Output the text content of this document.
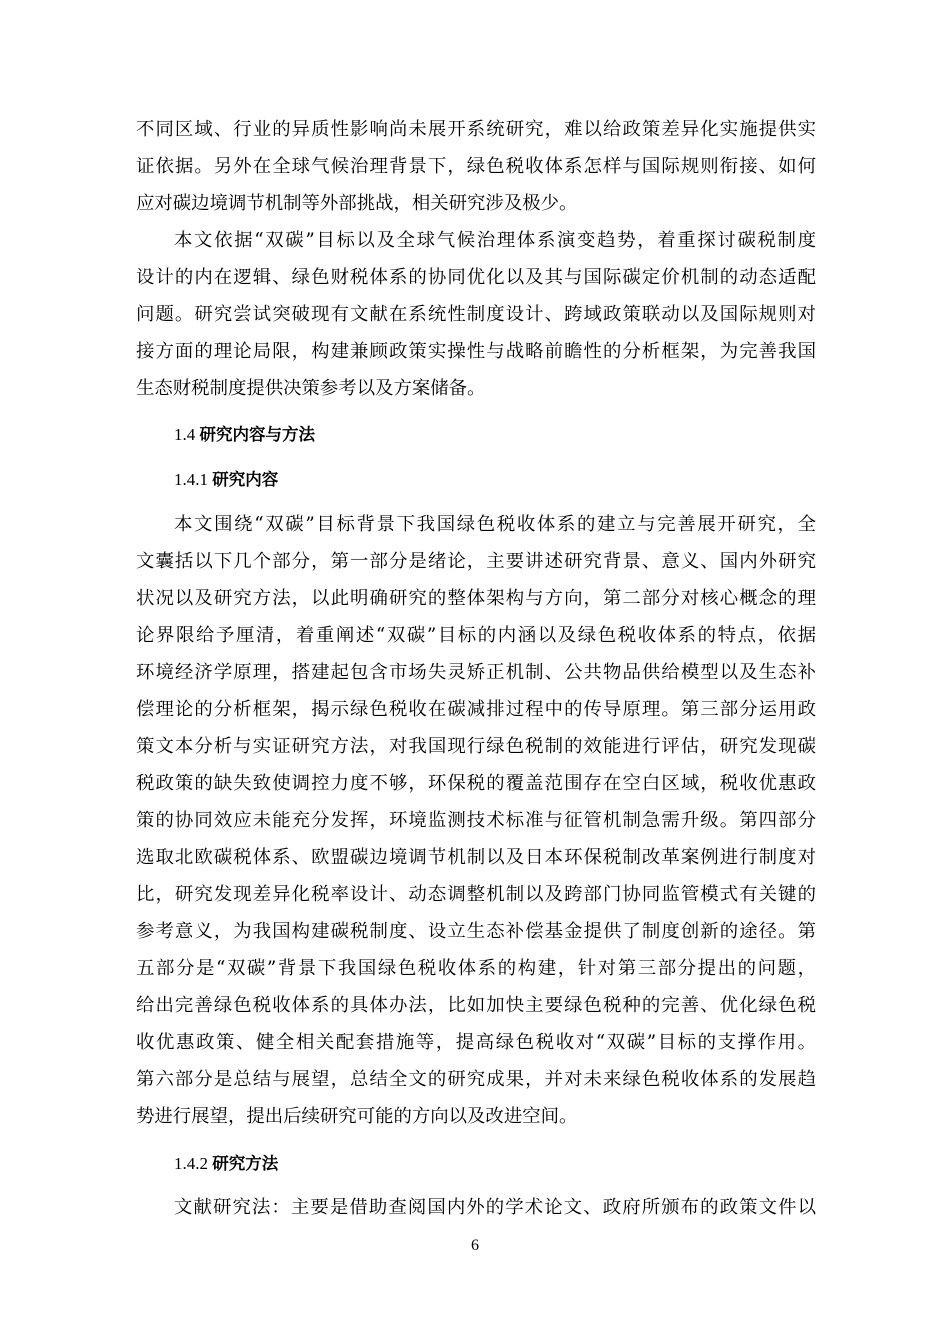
不同区域、行业的异质性影响尚未展开系统研究，难以给政策差异化实施提供实
证依据。另外在全球气候治理背景下，绿色税收体系怎样与国际规则衔接、如何
应对碳边境调节机制等外部挑战，相关研究涉及极少。
本文依据“双碳”目标以及全球气候治理体系演变趋势，着重探讨碳税制度
设计的内在逻辑、绿色财税体系的协同优化以及其与国际碳定价机制的动态适配
问题。研究尝试突破现有文献在系统性制度设计、跨域政策联动以及国际规则对
接方面的理论局限，构建兼顾政策实操性与战略前瞻性的分析框架，为完善我国
生态财税制度提供决策参考以及方案储备。
1.4 研究内容与方法
1.4.1 研究内容
本文围绕“双碳”目标背景下我国绿色税收体系的建立与完善展开研究，全
文囊括以下几个部分，第一部分是绪论，主要讲述研究背景、意义、国内外研究
状况以及研究方法，以此明确研究的整体架构与方向，第二部分对核心概念的理
论界限给予厘清，着重阐述“双碳”目标的内涵以及绿色税收体系的特点，依据
环境经济学原理，搭建起包含市场失灵矫正机制、公共物品供给模型以及生态补
偿理论的分析框架，揭示绿色税收在碳减排过程中的传导原理。第三部分运用政
策文本分析与实证研究方法，对我国现行绿色税制的效能进行评估，研究发现碳
税政策的缺失致使调控力度不够，环保税的覆盖范围存在空白区域，税收优惠政
策的协同效应未能充分发挥，环境监测技术标准与征管机制急需升级。第四部分
选取北欧碳税体系、欧盟碳边境调节机制以及日本环保税制改革案例进行制度对
比，研究发现差异化税率设计、动态调整机制以及跨部门协同监管模式有关键的
参考意义，为我国构建碳税制度、设立生态补偿基金提供了制度创新的途径。第
五部分是“双碳”背景下我国绿色税收体系的构建，针对第三部分提出的问题，
给出完善绿色税收体系的具体办法，比如加快主要绿色税种的完善、优化绿色税
收优惠政策、健全相关配套措施等，提高绿色税收对“双碳”目标的支撑作用。
第六部分是总结与展望，总结全文的研究成果，并对未来绿色税收体系的发展趋
势进行展望，提出后续研究可能的方向以及改进空间。
1.4.2 研究方法
文献研究法：主要是借助查阅国内外的学术论文、政府所颁布的政策文件以
6
